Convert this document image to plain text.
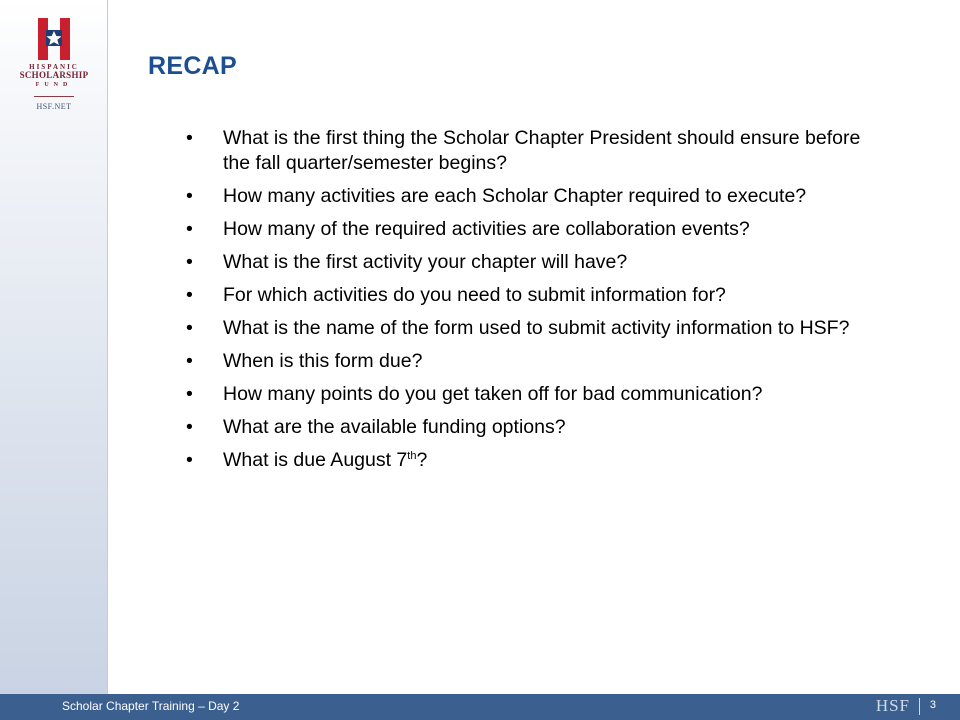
HISPANIC
SCHOLARSHIP
FUND
HSF.NET
RECAP
• What is the first thing the Scholar Chapter President should ensure before the fall quarter/semester begins?
• How many activities are each Scholar Chapter required to execute?
• How many of the required activities are collaboration events?
• What is the first activity your chapter will have?
• For which activities do you need to submit information for?
• What is the name of the form used to submit activity information to HSF?
• When is this form due?
• How many points do you get taken off for bad communication?
• What are the available funding options?
• What is due August 7th?
Scholar Chapter Training – Day 2	HSF 3
